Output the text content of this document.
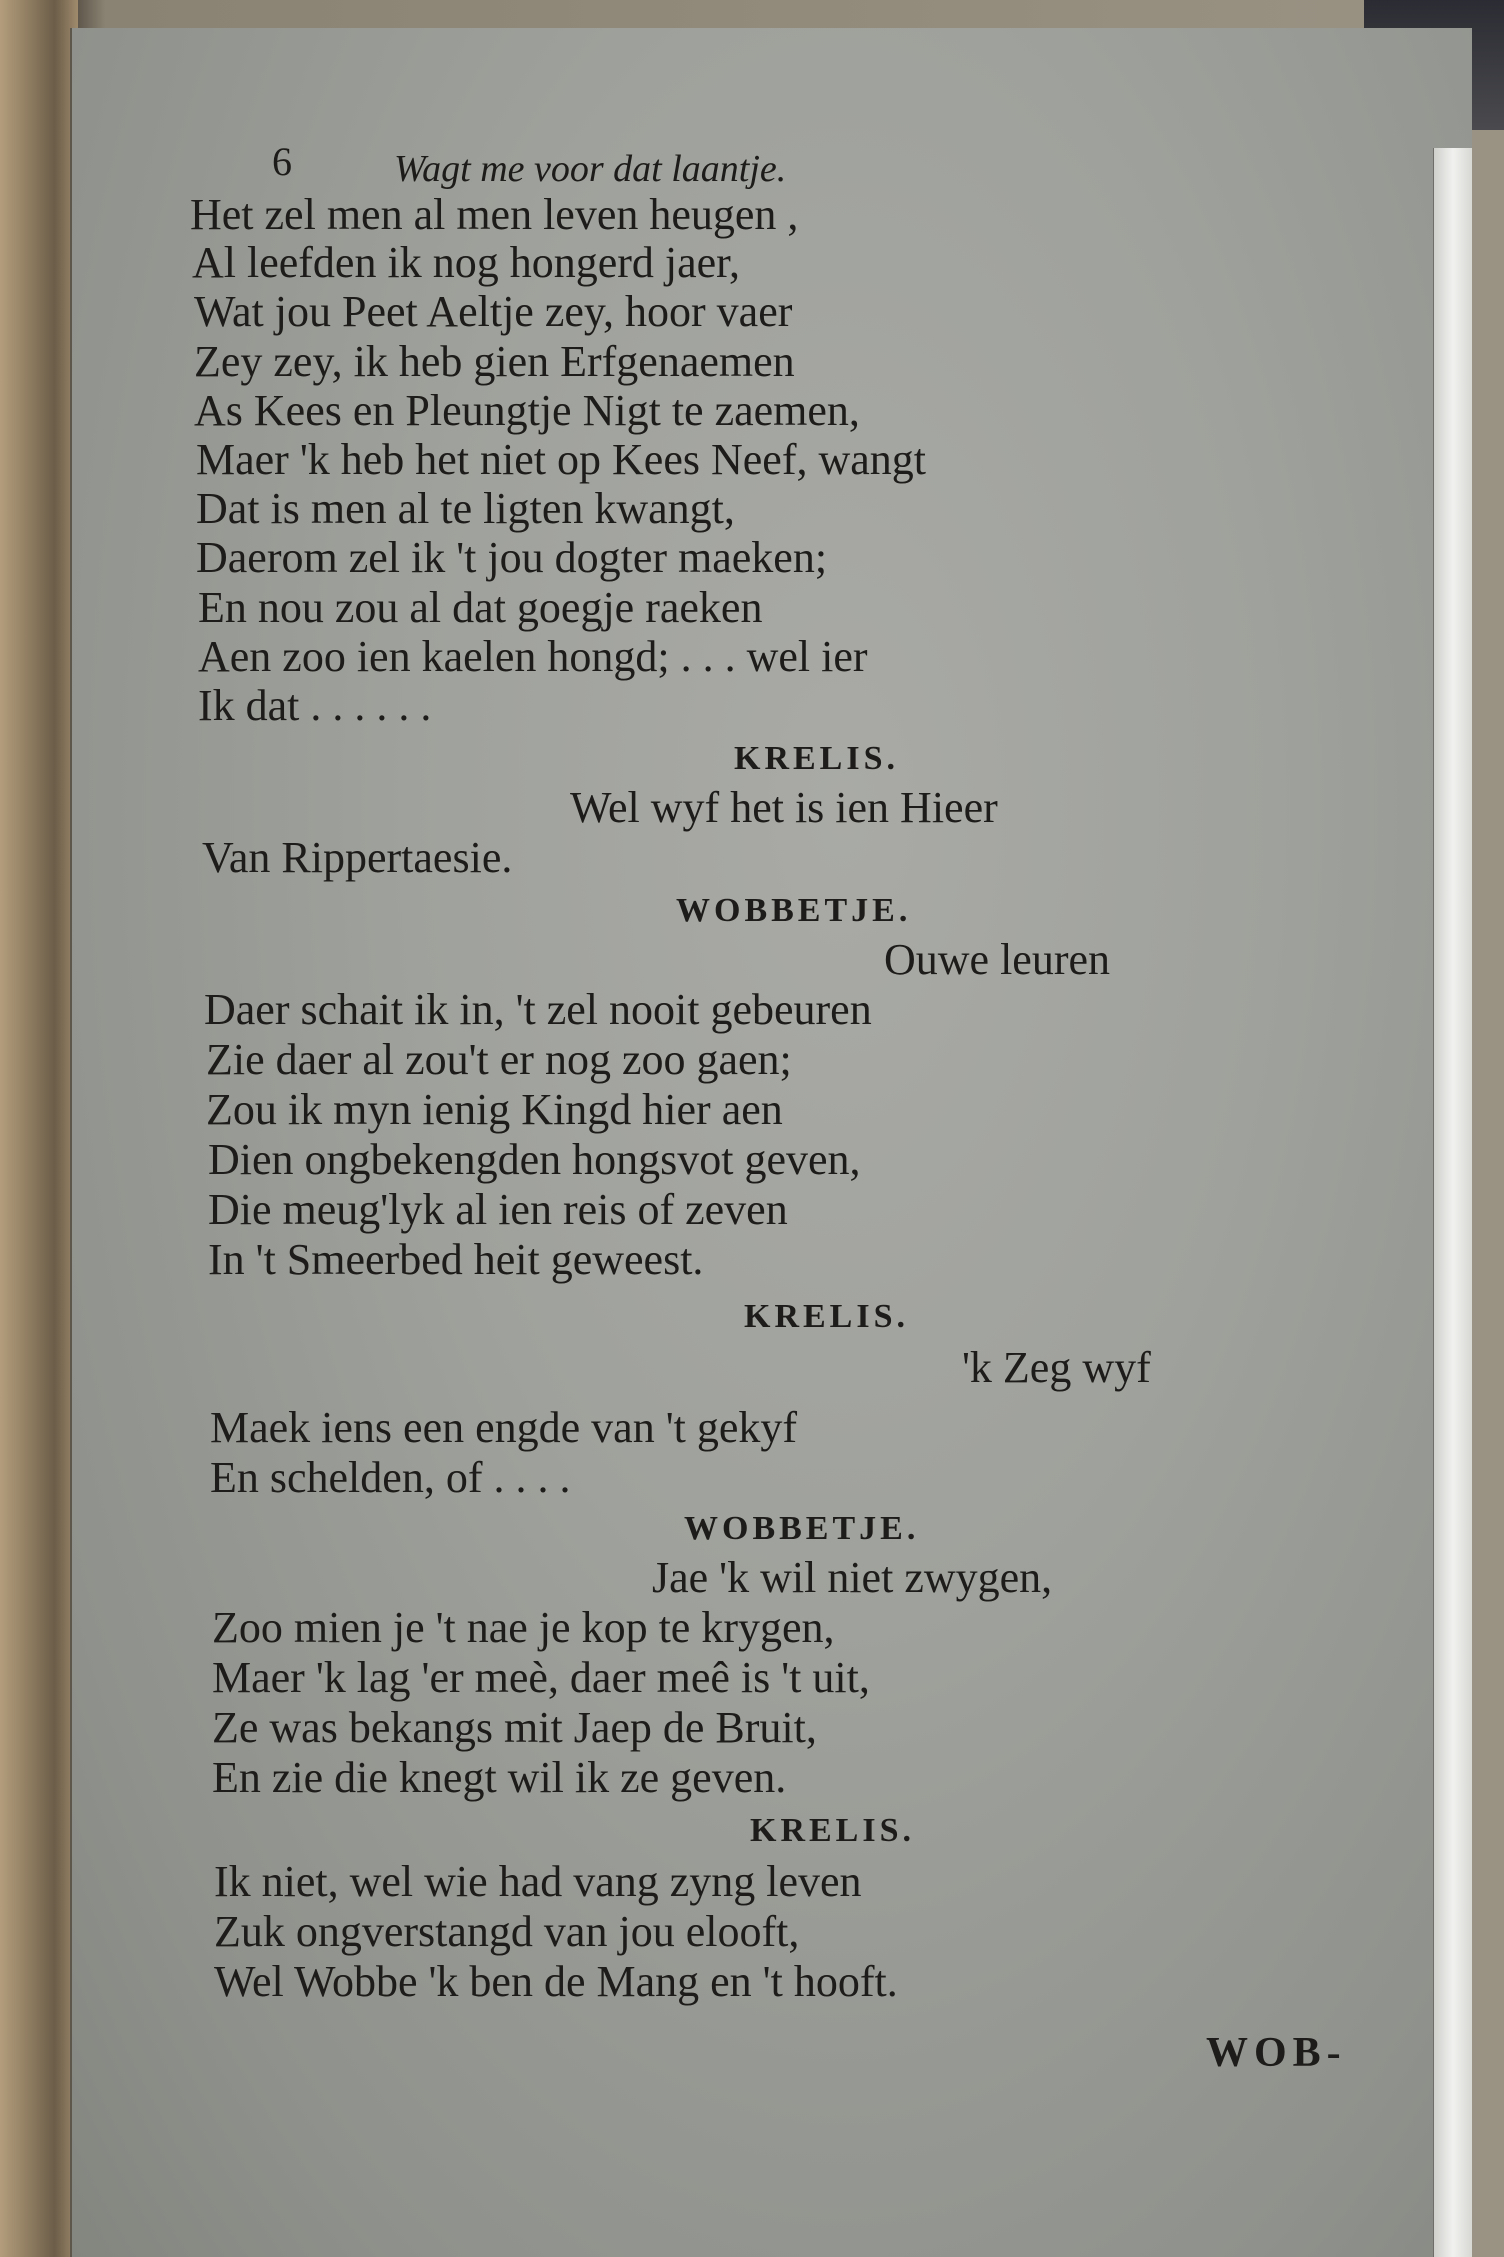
6	Wagt me voor dat laantje.
Het zel men al men leven heugen ,
Al leefden ik nog hongerd jaer,
Wat jou Peet Aeltje zey, hoor vaer
Zey zey, ik heb gien Erfgenaemen
As Kees en Pleungtje Nigt te zaemen,
Maer 'k heb het niet op Kees Neef, wangt
Dat is men al te ligten kwangt,
Daerom zel ik 't jou dogter maeken;
En nou zou al dat goegje raeken
Aen zoo ien kaelen hongd; . . . wel ier
Ik dat . . . . . .
KRELIS.
Wel wyf het is ien Hieer
Van Rippertaesie.
WOBBETJE.
Ouwe leuren
Daer schait ik in, 't zel nooit gebeuren
Zie daer al zou't er nog zoo gaen;
Zou ik myn ienig Kingd hier aen
Dien ongbekengden hongsvot geven,
Die meug'lyk al ien reis of zeven
In 't Smeerbed heit geweest.
KRELIS.
'k Zeg wyf
Maek iens een engde van 't gekyf
En schelden, of . . . .
WOBBETJE.
Jae 'k wil niet zwygen,
Zoo mien je 't nae je kop te krygen,
Maer 'k lag 'er meè, daer meê is 't uit,
Ze was bekangs mit Jaep de Bruit,
En zie die knegt wil ik ze geven.
KRELIS.
Ik niet, wel wie had vang zyng leven
Zuk ongverstangd van jou elooft,
Wel Wobbe 'k ben de Mang en 't hooft.
WOB-
